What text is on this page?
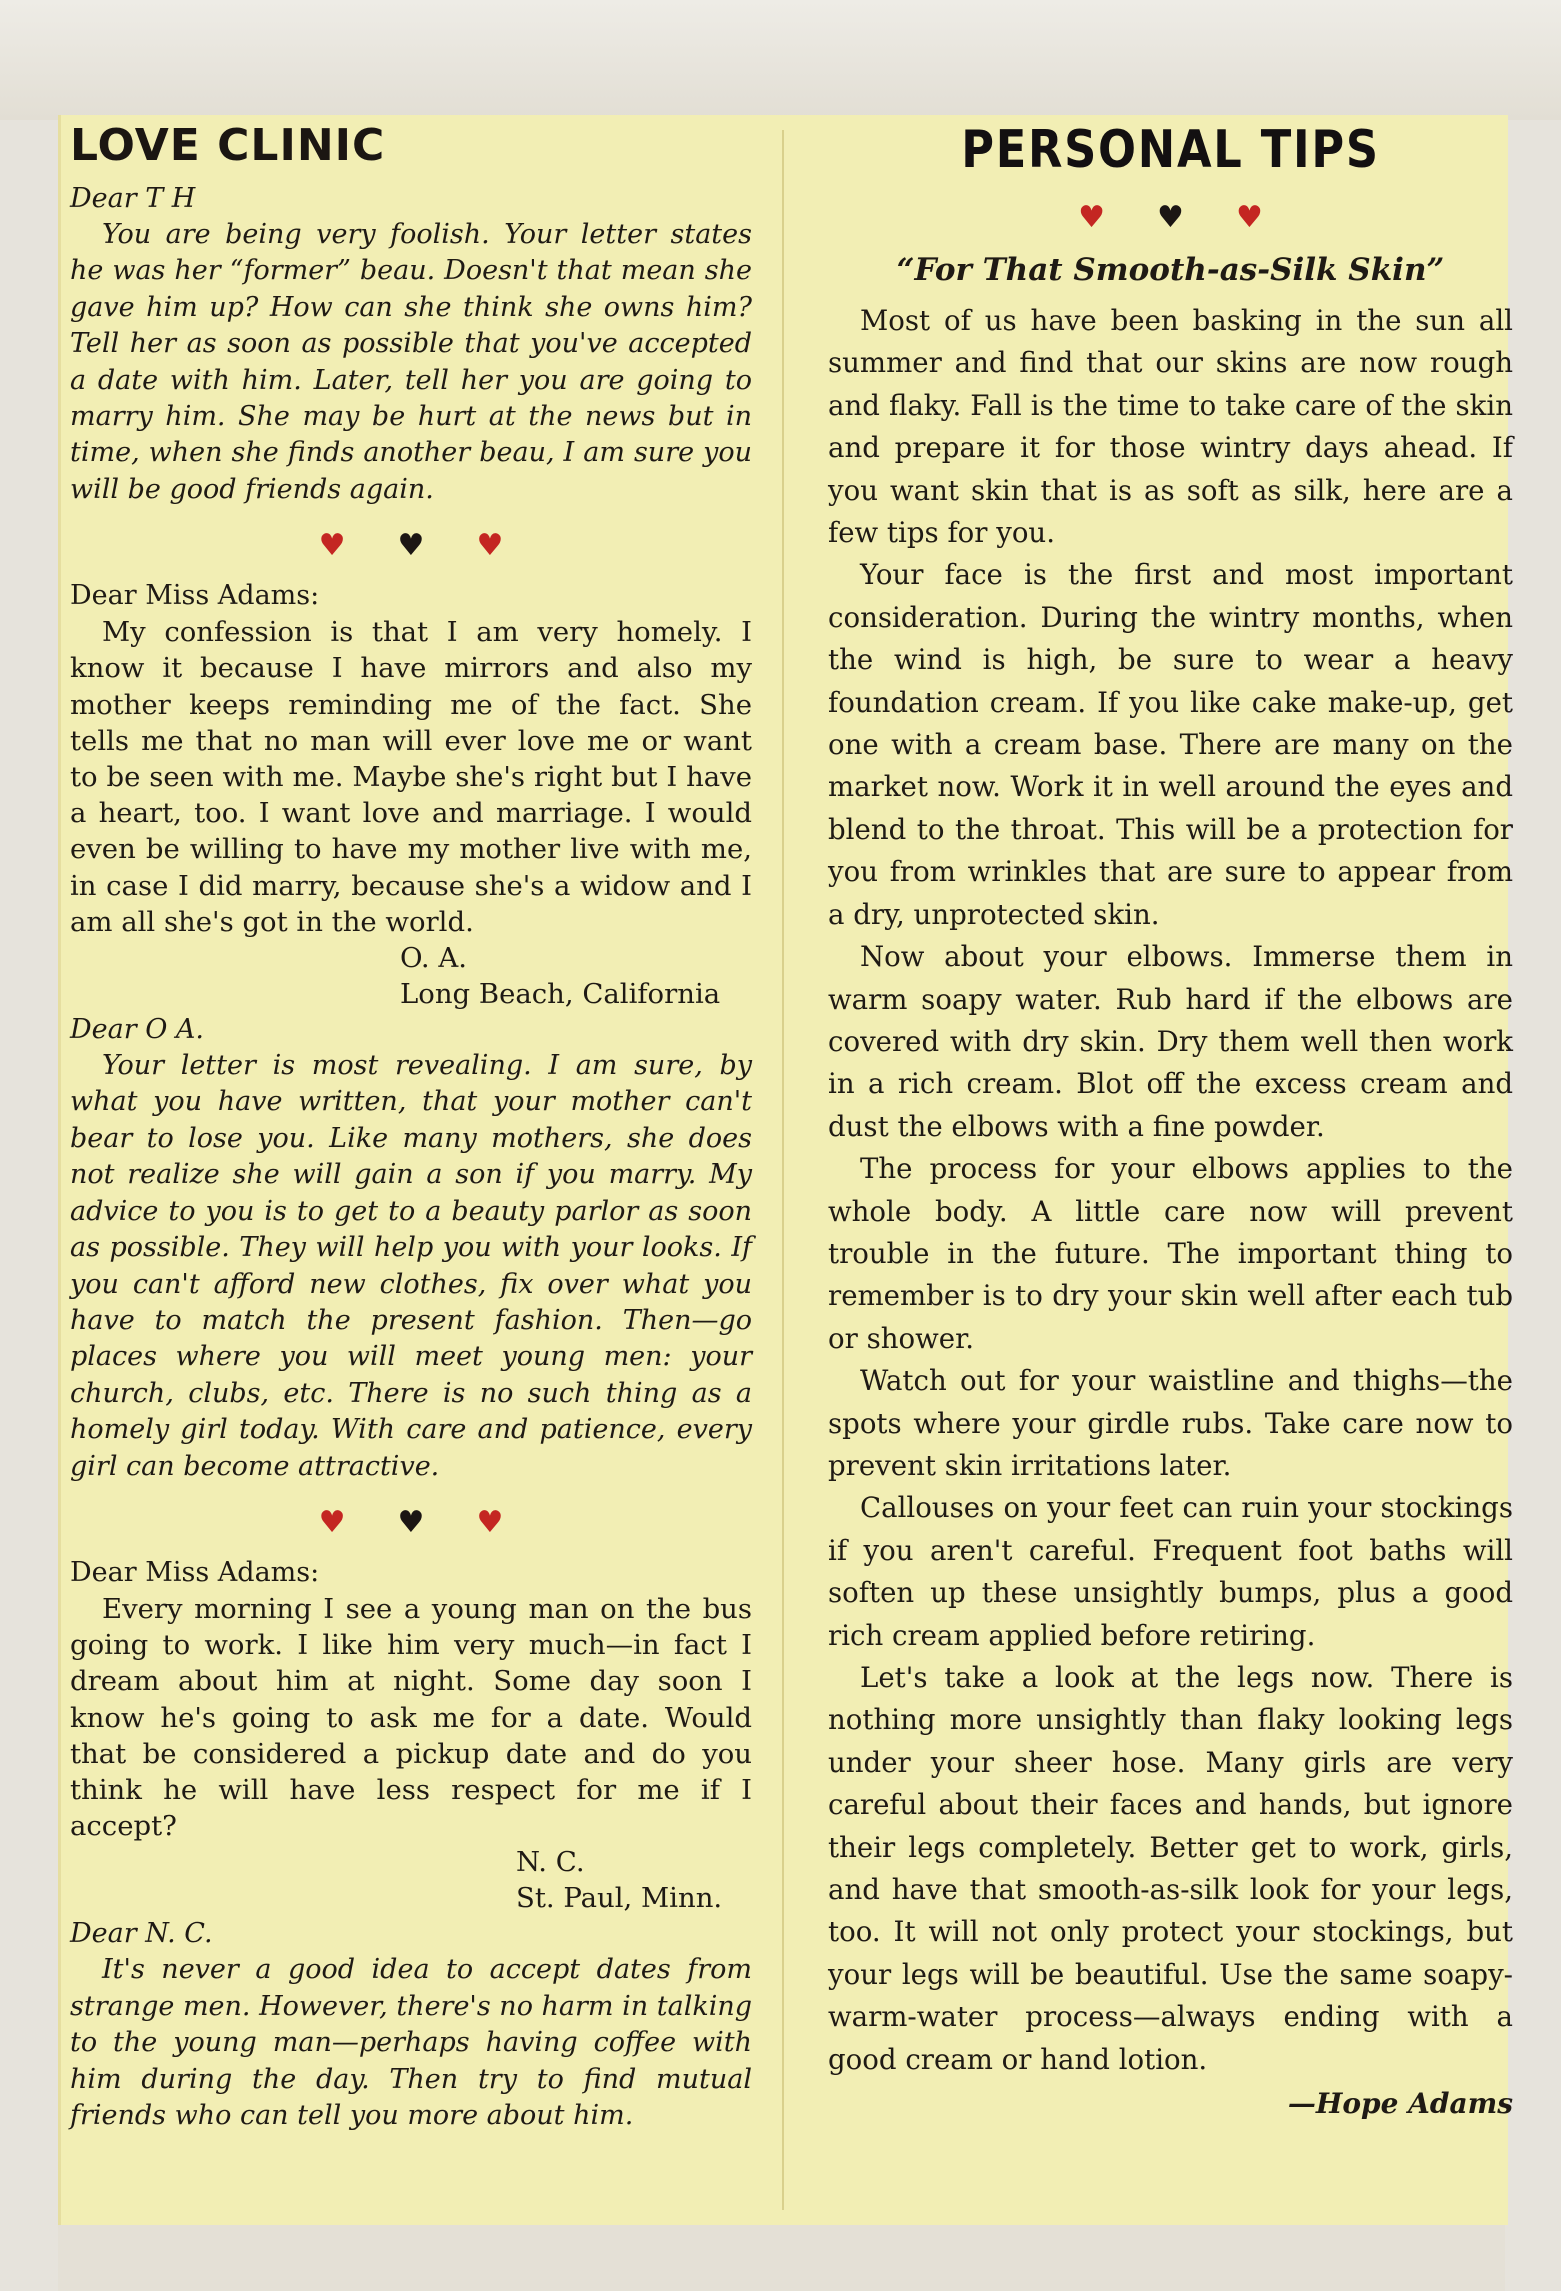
LOVE CLINIC

Dear T H

You are being very foolish. Your letter states he was her “former” beau. Doesn't that mean she gave him up? How can she think she owns him? Tell her as soon as possible that you've accepted a date with him. Later, tell her you are going to marry him. She may be hurt at the news but in time, when she finds another beau, I am sure you will be good friends again.

♥ ♥ ♥

Dear Miss Adams:

My confession is that I am very homely. I know it because I have mirrors and also my mother keeps reminding me of the fact. She tells me that no man will ever love me or want to be seen with me. Maybe she's right but I have a heart, too. I want love and marriage. I would even be willing to have my mother live with me, in case I did marry, because she's a widow and I am all she's got in the world.

O. A.

Long Beach, California

Dear O A.

Your letter is most revealing. I am sure, by what you have written, that your mother can't bear to lose you. Like many mothers, she does not realize she will gain a son if you marry. My advice to you is to get to a beauty parlor as soon as possible. They will help you with your looks. If you can't afford new clothes, fix over what you have to match the present fashion. Then—go places where you will meet young men: your church, clubs, etc. There is no such thing as a homely girl today. With care and patience, every girl can become attractive.

♥ ♥ ♥

Dear Miss Adams:

Every morning I see a young man on the bus going to work. I like him very much—in fact I dream about him at night. Some day soon I know he's going to ask me for a date. Would that be considered a pickup date and do you think he will have less respect for me if I accept?

N. C.

St. Paul, Minn.

Dear N. C.

It's never a good idea to accept dates from strange men. However, there's no harm in talking to the young man—perhaps having coffee with him during the day. Then try to find mutual friends who can tell you more about him.

PERSONAL TIPS
♥ ♥ ♥
“For That Smooth-as-Silk Skin”

Most of us have been basking in the sun all summer and find that our skins are now rough and flaky. Fall is the time to take care of the skin and prepare it for those wintry days ahead. If you want skin that is as soft as silk, here are a few tips for you.

Your face is the first and most important consideration. During the wintry months, when the wind is high, be sure to wear a heavy foundation cream. If you like cake make-up, get one with a cream base. There are many on the market now. Work it in well around the eyes and blend to the throat. This will be a protection for you from wrinkles that are sure to appear from a dry, unprotected skin.

Now about your elbows. Immerse them in warm soapy water. Rub hard if the elbows are covered with dry skin. Dry them well then work in a rich cream. Blot off the excess cream and dust the elbows with a fine powder.

The process for your elbows applies to the whole body. A little care now will prevent trouble in the future. The important thing to remember is to dry your skin well after each tub or shower.

Watch out for your waistline and thighs—the spots where your girdle rubs. Take care now to prevent skin irritations later.

Callouses on your feet can ruin your stockings if you aren't careful. Frequent foot baths will soften up these unsightly bumps, plus a good rich cream applied before retiring.

Let's take a look at the legs now. There is nothing more unsightly than flaky looking legs under your sheer hose. Many girls are very careful about their faces and hands, but ignore their legs completely. Better get to work, girls, and have that smooth-as-silk look for your legs, too. It will not only protect your stockings, but your legs will be beautiful. Use the same soapy-warm-water process—always ending with a good cream or hand lotion.

—Hope Adams
